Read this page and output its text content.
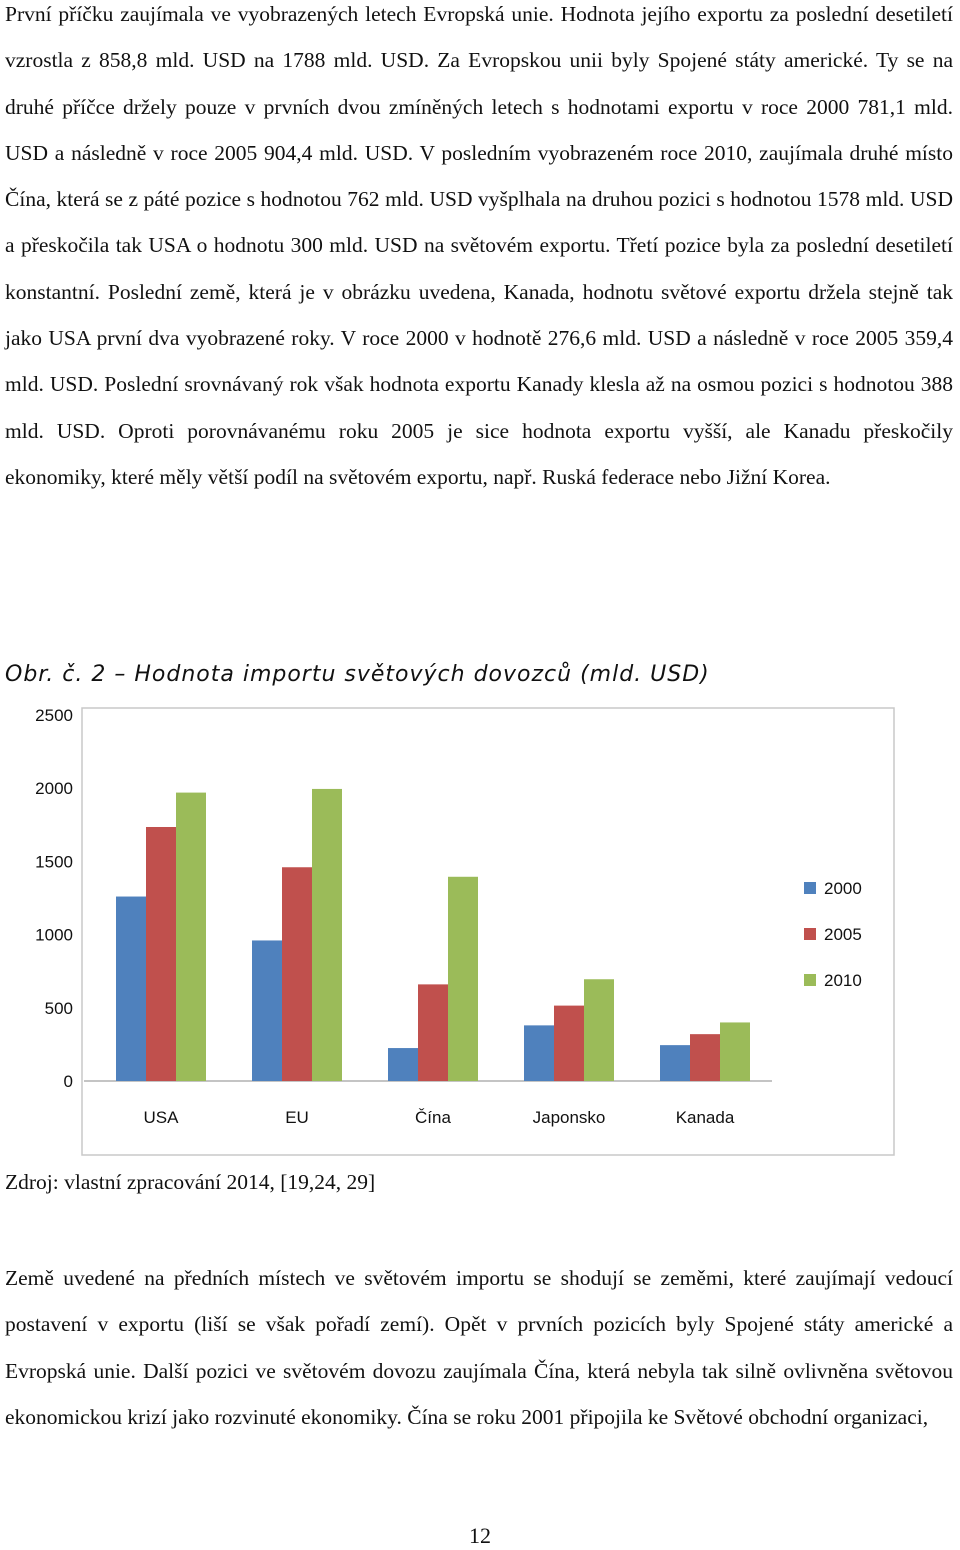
První příčku zaujímala ve vyobrazených letech Evropská unie. Hodnota jejího exportu za poslední desetiletí vzrostla z 858,8 mld. USD na 1788 mld. USD. Za Evropskou unii byly Spojené státy americké. Ty se na druhé příčce držely pouze v prvních dvou zmíněných letech s hodnotami exportu v roce 2000 781,1 mld. USD a následně v roce 2005 904,4 mld. USD. V posledním vyobrazeném roce 2010, zaujímala druhé místo Čína, která se z páté pozice s hodnotou 762 mld. USD vyšplhala na druhou pozici s hodnotou 1578 mld. USD a přeskočila tak USA o hodnotu 300 mld. USD na světovém exportu. Třetí pozice byla za poslední desetiletí konstantní. Poslední země, která je v obrázku uvedena, Kanada, hodnotu světové exportu držela stejně tak jako USA první dva vyobrazené roky. V roce 2000 v hodnotě 276,6 mld. USD a následně v roce 2005 359,4 mld. USD. Poslední srovnávaný rok však hodnota exportu Kanady klesla až na osmou pozici s hodnotou 388 mld. USD. Oproti porovnávanému roku 2005 je sice hodnota exportu vyšší, ale Kanadu přeskočily ekonomiky, které měly větší podíl na světovém exportu, např. Ruská federace nebo Jižní Korea.

Obr. č. 2 – Hodnota importu světových dovozců (mld. USD)
0
500
1000
1500
2000
2500
USA	EU	Čína	Japonsko	Kanada
2000
2005
2010
Zdroj: vlastní zpracování 2014, [19,24, 29]

Země uvedené na předních místech ve světovém importu se shodují se zeměmi, které zaujímají vedoucí postavení v exportu (liší se však pořadí zemí). Opět v prvních pozicích byly Spojené státy americké a Evropská unie. Další pozici ve světovém dovozu zaujímala Čína, která nebyla tak silně ovlivněna světovou ekonomickou krizí jako rozvinuté ekonomiky. Čína se roku 2001 připojila ke Světové obchodní organizaci,

12
